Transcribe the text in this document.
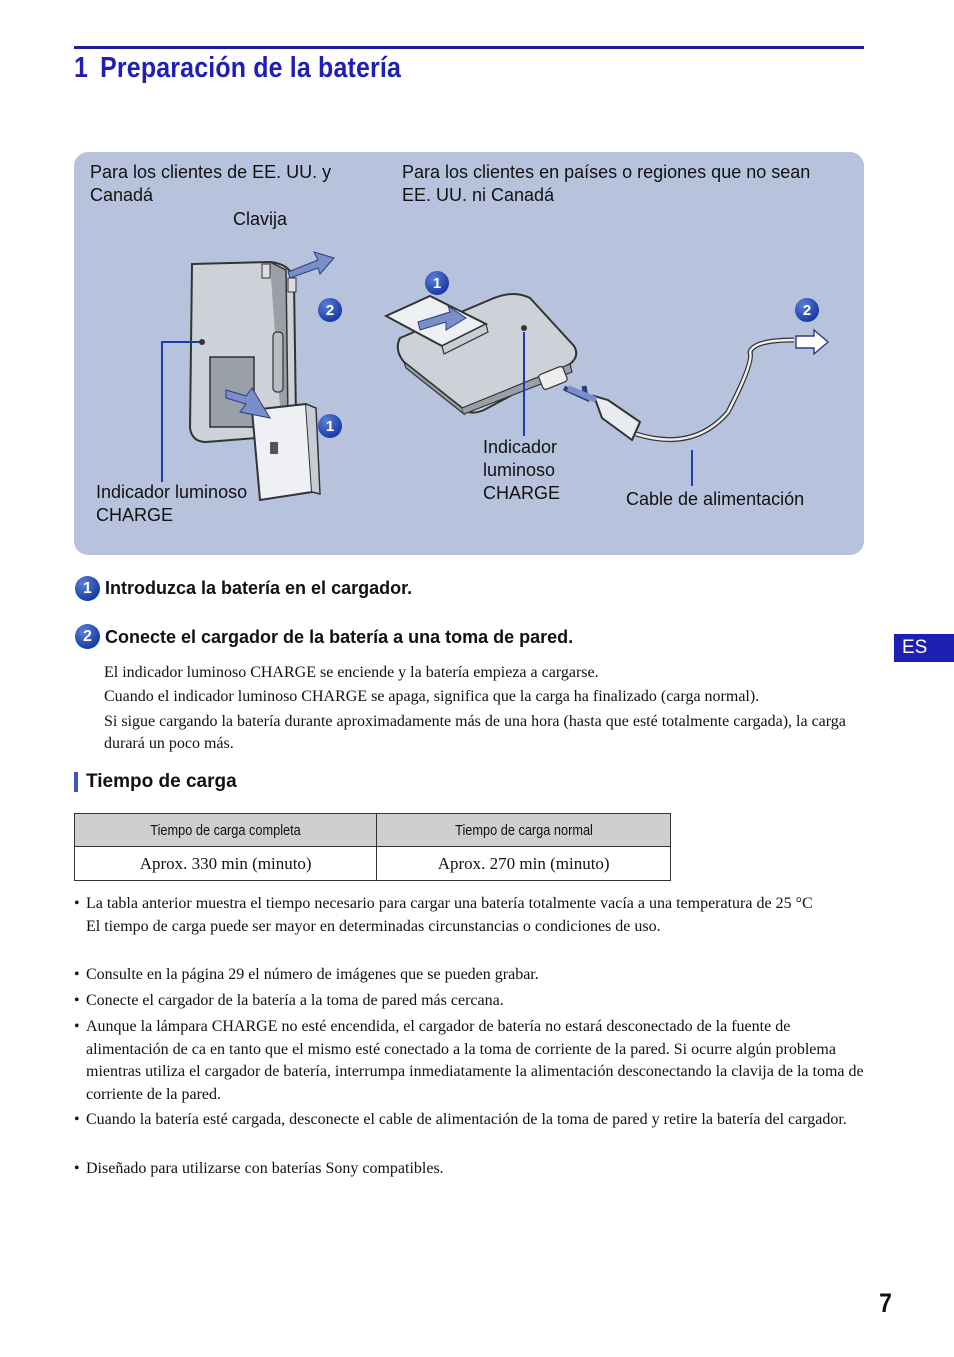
1 Preparación de la batería
Para los clientes de EE. UU. y Canadá
Para los clientes en países o regiones que no sean EE. UU. ni Canadá
Clavija
Indicador luminoso CHARGE
Indicador luminoso CHARGE	Cable de alimentación
2
1
1
2
1 Introduzca la batería en el cargador.
2 Conecte el cargador de la batería a una toma de pared.
El indicador luminoso CHARGE se enciende y la batería empieza a cargarse.
Cuando el indicador luminoso CHARGE se apaga, significa que la carga ha finalizado (carga normal).
Si sigue cargando la batería durante aproximadamente más de una hora (hasta que esté totalmente cargada), la carga durará un poco más.
ES
Tiempo de carga
Tiempo de carga completa	Tiempo de carga normal
Aprox. 330 min (minuto)	Aprox. 270 min (minuto)
• La tabla anterior muestra el tiempo necesario para cargar una batería totalmente vacía a una temperatura de 25 °C
El tiempo de carga puede ser mayor en determinadas circunstancias o condiciones de uso.
• Consulte en la página 29 el número de imágenes que se pueden grabar.
• Conecte el cargador de la batería a la toma de pared más cercana.
• Aunque la lámpara CHARGE no esté encendida, el cargador de batería no estará desconectado de la fuente de alimentación de ca en tanto que el mismo esté conectado a la toma de corriente de la pared. Si ocurre algún problema mientras utiliza el cargador de batería, interrumpa inmediatamente la alimentación desconectando la clavija de la toma de corriente de la pared.
• Cuando la batería esté cargada, desconecte el cable de alimentación de la toma de pared y retire la batería del cargador.
• Diseñado para utilizarse con baterías Sony compatibles.
7
